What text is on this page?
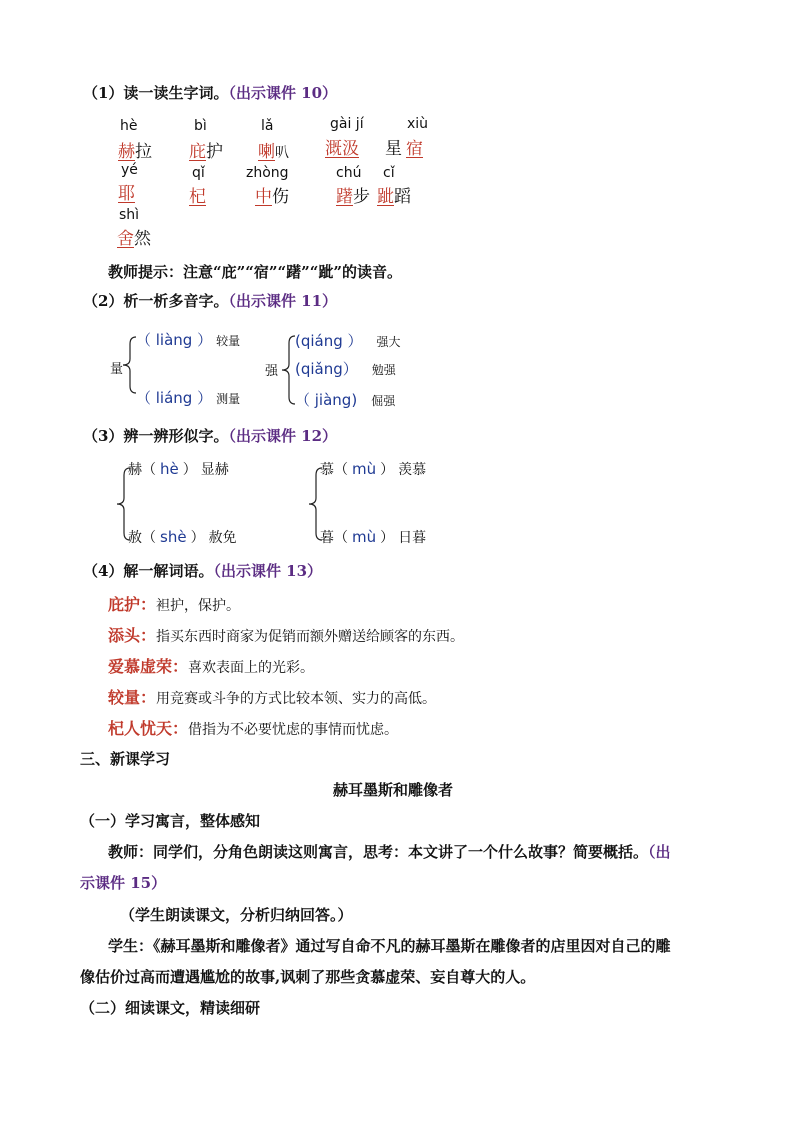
（1）读一读生字词。（出示课件 10）
hè
赫拉
bì
庇护
lǎ
喇叭
gài jí
溉汲
xiù
星 宿
yé
耶
qǐ
杞
zhòng
中伤
chú
躇步
cǐ
跐蹈
shì
舍然
教师提示：注意“庇”“宿”“躇”“跐”的读音。
（2）析一析多音字。（出示课件 11）
量
（ liàng ） 较量
（ liáng ） 测量
强
(qiáng ） 强大
(qiǎng） 勉强
（ jiàng) 倔强
（3）辨一辨形似字。（出示课件 12）
赫（ hè ） 显赫
赦（ shè ） 赦免
慕（ mù ） 羡慕
暮（ mù ） 日暮
（4）解一解词语。（出示课件 13）
庇护：袒护，保护。
添头：指买东西时商家为促销而额外赠送给顾客的东西。
爱慕虚荣：喜欢表面上的光彩。
较量：用竞赛或斗争的方式比较本领、实力的高低。
杞人忧天：借指为不必要忧虑的事情而忧虑。
三、新课学习
赫耳墨斯和雕像者
（一）学习寓言，整体感知
教师：同学们，分角色朗读这则寓言，思考：本文讲了一个什么故事？简要概括。（出
示课件 15）
（学生朗读课文，分析归纳回答。）
学生：《赫耳墨斯和雕像者》通过写自命不凡的赫耳墨斯在雕像者的店里因对自己的雕
像估价过高而遭遇尴尬的故事,讽刺了那些贪慕虚荣、妄自尊大的人。
（二）细读课文，精读细研
